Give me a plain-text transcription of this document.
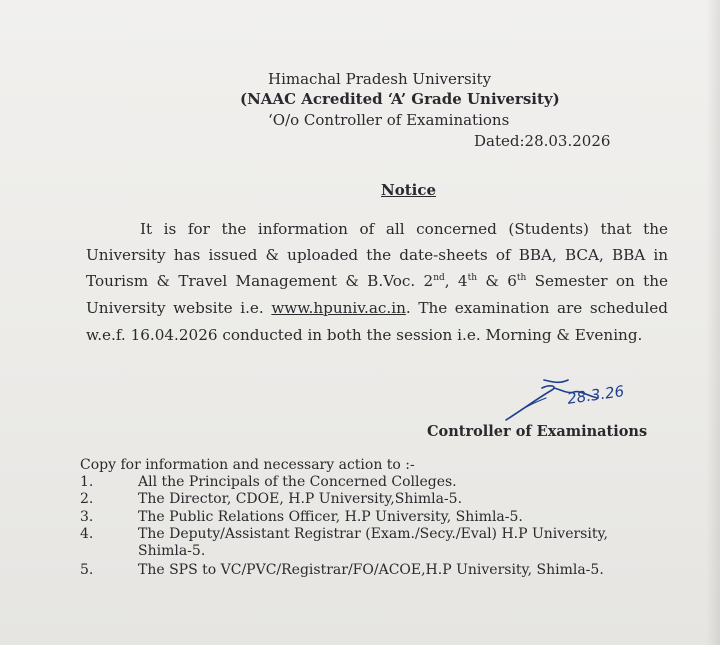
Himachal Pradesh University
(NAAC Acredited ‘A’ Grade University)
‘O/o Controller of Examinations
Dated:28.03.2026
Notice
It is for the information of all concerned (Students) that the
University has issued & uploaded the date-sheets of BBA, BCA, BBA in
Tourism & Travel Management & B.Voc. 2nd, 4th & 6th Semester on the
University website i.e. www.hpuniv.ac.in. The examination are scheduled
w.e.f. 16.04.2026 conducted in both the session i.e. Morning & Evening.
28.3.26
Controller of Examinations
Copy for information and necessary action to :-
1.	All the Principals of the Concerned Colleges.
2.	The Director, CDOE, H.P University,Shimla-5.
3.	The Public Relations Officer, H.P University, Shimla-5.
4.	The Deputy/Assistant Registrar (Exam./Secy./Eval) H.P University,
Shimla-5.
5.	The SPS to VC/PVC/Registrar/FO/ACOE,H.P University, Shimla-5.
